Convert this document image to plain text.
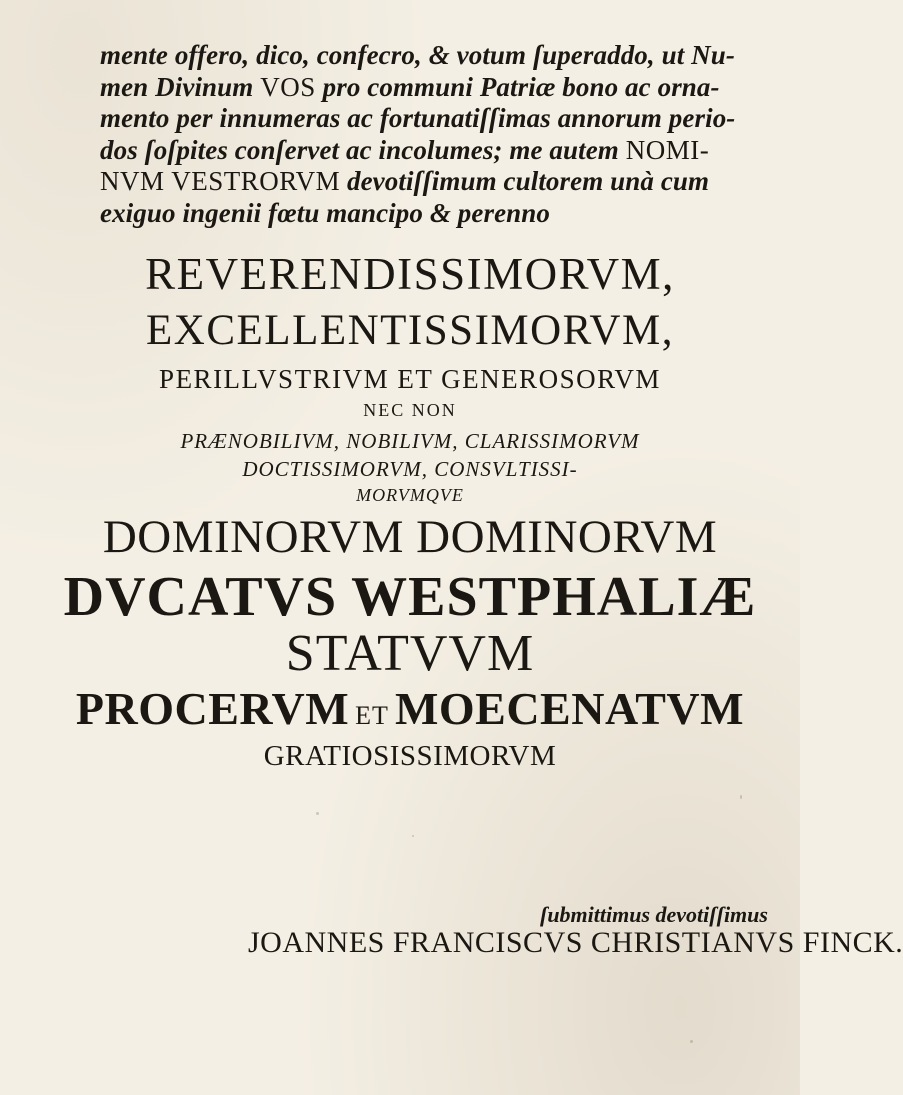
mente offero, dico, confecro, & votum ſuperaddo, ut Nu-
men Divinum VOS pro communi Patriæ bono ac orna-
mento per innumeras ac fortunatiſſimas annorum perio-
dos ſoſpites conſervet ac incolumes; me autem NOMI-
NVM VESTRORVM devotiſſimum cultorem unà cum
exiguo ingenii fœtu mancipo & perenno
REVERENDISSIMORVM,
EXCELLENTISSIMORVM,
PERILLVSTRIVM ET GENEROSORVM
NEC NON
PRÆNOBILIVM, NOBILIVM, CLARISSIMORVM
DOCTISSIMORVM, CONSVLTISSI-
MORVMQVE
DOMINORVM DOMINORVM
DVCATVS WESTPHALIÆ
STATVVM
PROCERVM ET MOECENATVM
GRATIOSISSIMORVM
ſubmittimus devotiſſimus
JOANNES FRANCISCVS CHRISTIANVS FINCK.
